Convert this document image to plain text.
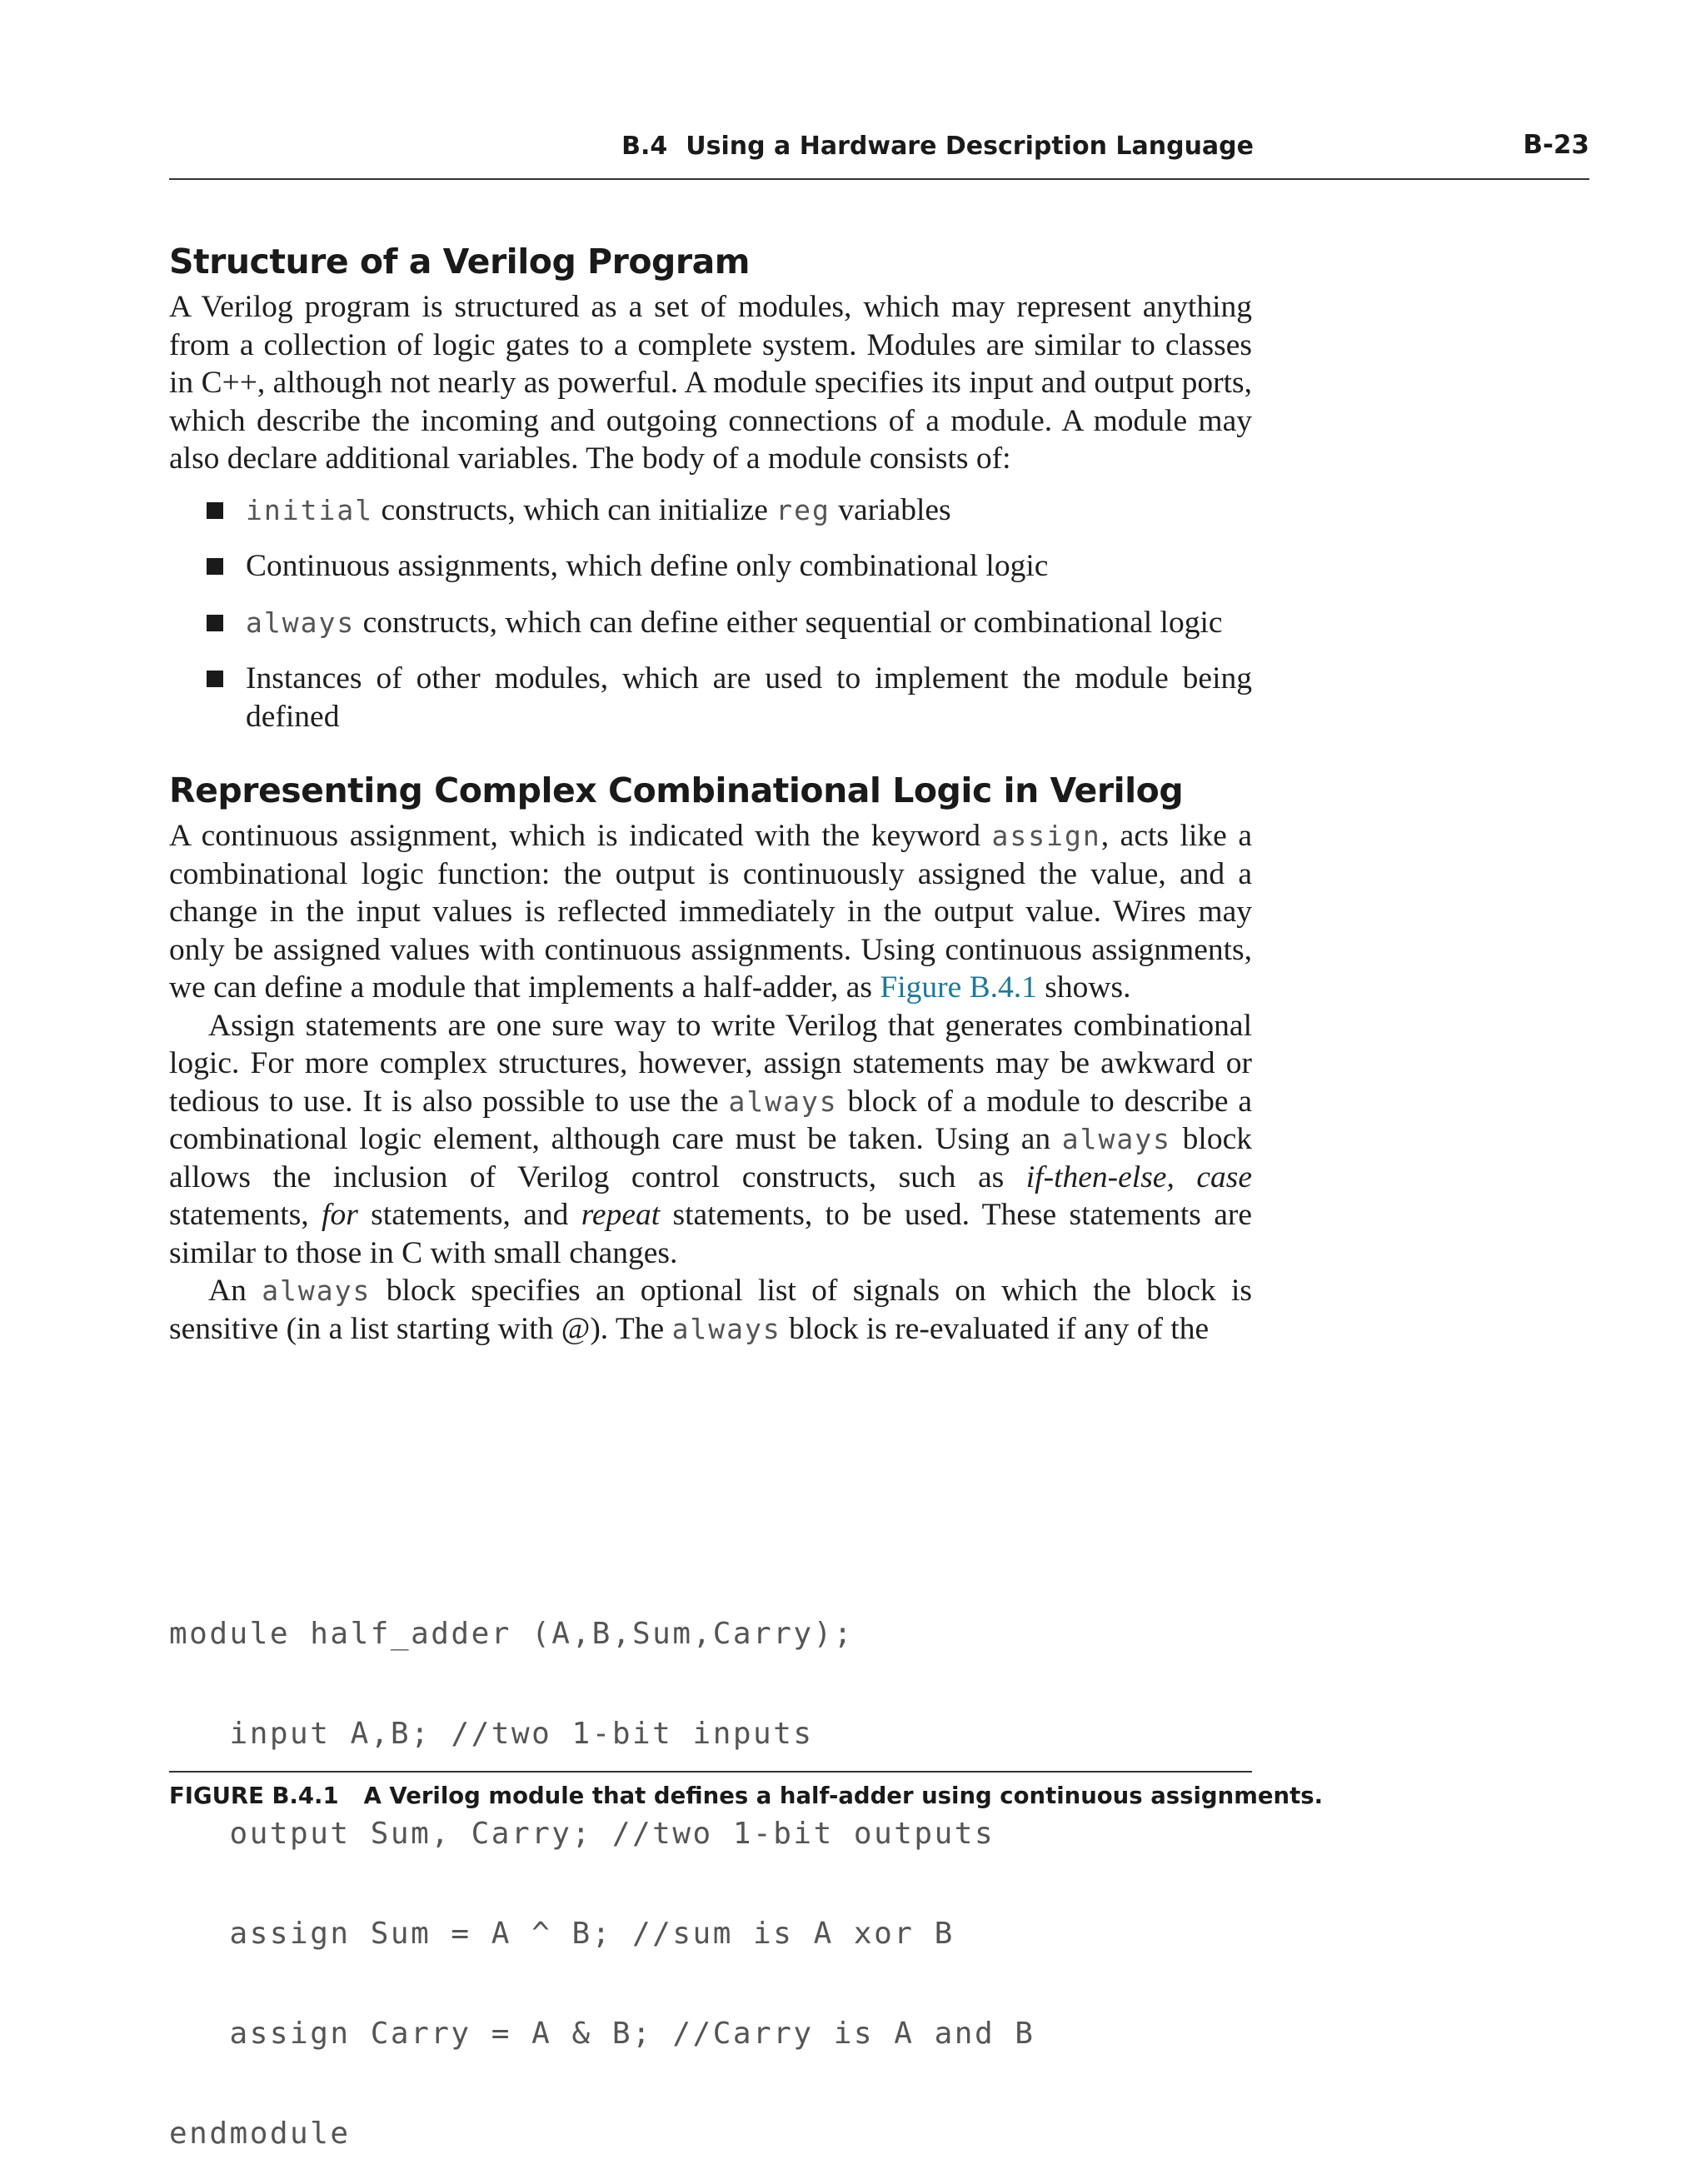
B.4 Using a Hardware Description Language	B-23
Structure of a Verilog Program

A Verilog program is structured as a set of modules, which may represent anything from a collection of logic gates to a complete system. Modules are similar to classes in C++, although not nearly as powerful. A module specifies its input and output ports, which describe the incoming and outgoing connections of a module. A module may also declare additional variables. The body of a module consists of:

initial constructs, which can initialize reg variables
Continuous assignments, which define only combinational logic
always constructs, which can define either sequential or combinational logic
Instances of other modules, which are used to implement the module being defined
Representing Complex Combinational Logic in Verilog

A continuous assignment, which is indicated with the keyword assign, acts like a combinational logic function: the output is continuously assigned the value, and a change in the input values is reflected immediately in the output value. Wires may only be assigned values with continuous assignments. Using continuous assignments, we can define a module that implements a half-adder, as Figure B.4.1 shows.

Assign statements are one sure way to write Verilog that generates combinational logic. For more complex structures, however, assign statements may be awkward or tedious to use. It is also possible to use the always block of a module to describe a combinational logic element, although care must be taken. Using an always block allows the inclusion of Verilog control constructs, such as if-then-else, case statements, for statements, and repeat statements, to be used. These statements are similar to those in C with small changes.

An always block specifies an optional list of signals on which the block is sensitive (in a list starting with @). The always block is re-evaluated if any of the

module half_adder (A,B,Sum,Carry);

input A,B; //two 1-bit inputs

output Sum, Carry; //two 1-bit outputs

assign Sum = A ^ B; //sum is A xor B

assign Carry = A & B; //Carry is A and B

endmodule

FIGURE B.4.1 A Verilog module that defines a half-adder using continuous assignments.
